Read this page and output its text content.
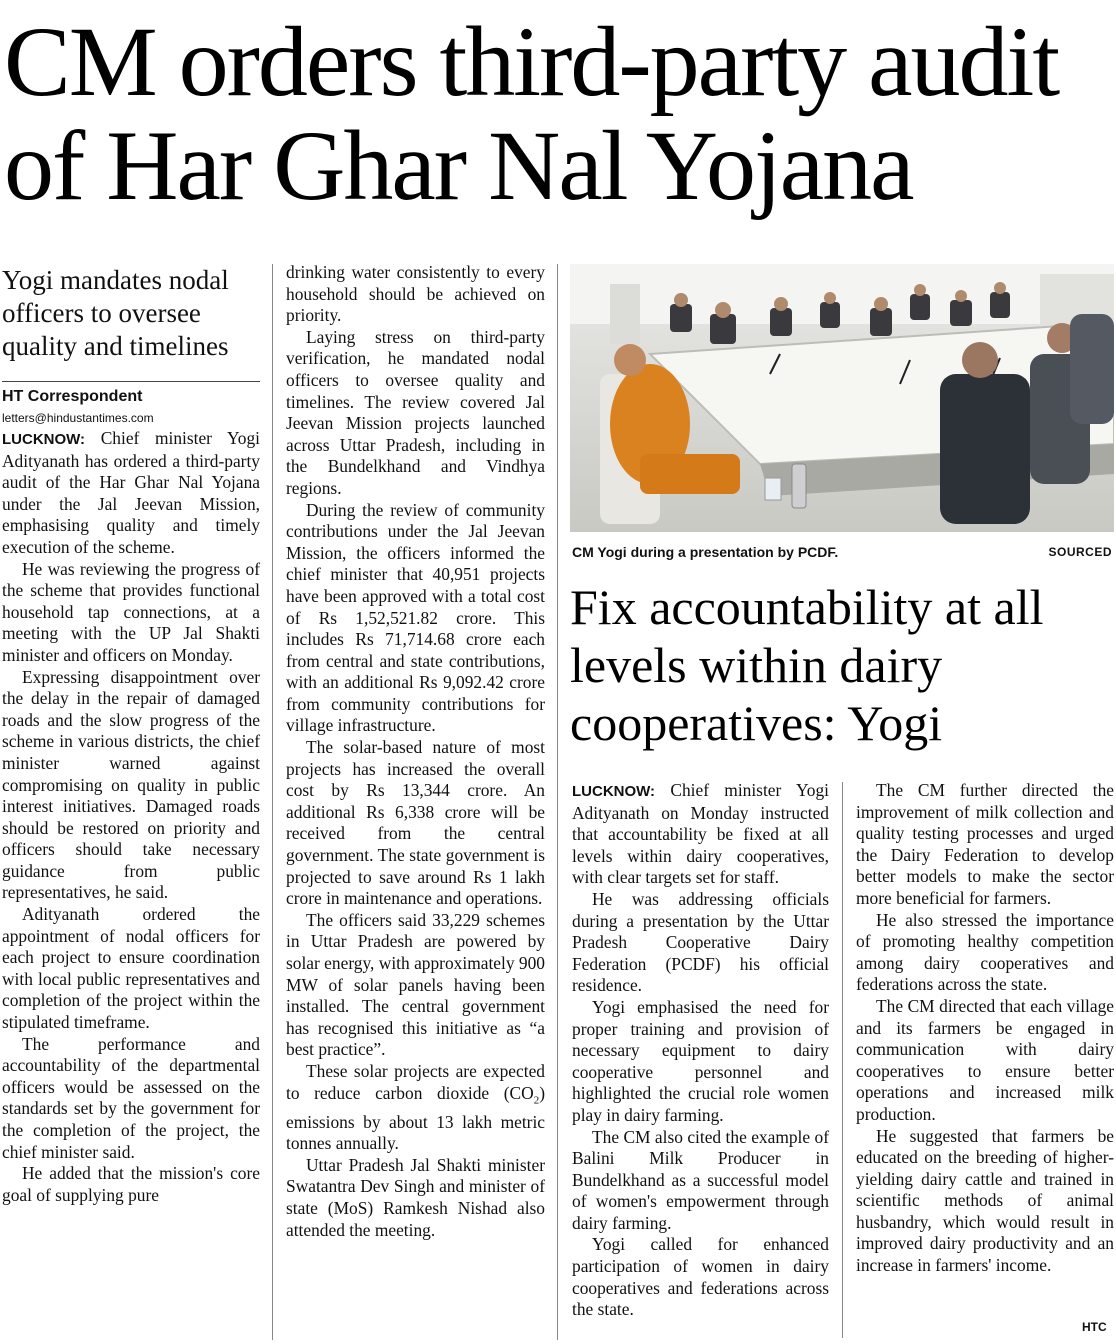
CM orders third-party audit of Har Ghar Nal Yojana
Yogi mandates nodal officers to oversee quality and timelines

HT Correspondent

letters@hindustantimes.com

LUCKNOW: Chief minister Yogi Adityanath has ordered a third-party audit of the Har Ghar Nal Yojana under the Jal Jeevan Mission, emphasising quality and timely execution of the scheme.

He was reviewing the progress of the scheme that provides functional household tap connections, at a meeting with the UP Jal Shakti minister and officers on Monday.

Expressing disappointment over the delay in the repair of damaged roads and the slow progress of the scheme in various districts, the chief minister warned against compromising on quality in public interest initiatives. Damaged roads should be restored on priority and officers should take necessary guidance from public representatives, he said.

Adityanath ordered the appointment of nodal officers for each project to ensure coordination with local public representatives and completion of the project within the stipulated timeframe.

The performance and accountability of the departmental officers would be assessed on the standards set by the government for the completion of the project, the chief minister said.

He added that the mission's core goal of supplying pure

drinking water consistently to every household should be achieved on priority.

Laying stress on third-party verification, he mandated nodal officers to oversee quality and timelines. The review covered Jal Jeevan Mission projects launched across Uttar Pradesh, including in the Bundelkhand and Vindhya regions.

During the review of community contributions under the Jal Jeevan Mission, the officers informed the chief minister that 40,951 projects have been approved with a total cost of Rs 1,52,521.82 crore. This includes Rs 71,714.68 crore each from central and state contributions, with an additional Rs 9,092.42 crore from community contributions for village infrastructure.

The solar-based nature of most projects has increased the overall cost by Rs 13,344 crore. An additional Rs 6,338 crore will be received from the central government. The state government is projected to save around Rs 1 lakh crore in maintenance and operations.

The officers said 33,229 schemes in Uttar Pradesh are powered by solar energy, with approximately 900 MW of solar panels having been installed. The central government has recognised this initiative as “a best practice”.

These solar projects are expected to reduce carbon dioxide $(CO_2)$ emissions by about 13 lakh metric tonnes annually.

Uttar Pradesh Jal Shakti minister Swatantra Dev Singh and minister of state (MoS) Ramkesh Nishad also attended the meeting.

CM Yogi during a presentation by PCDF.	SOURCED
Fix accountability at all levels within dairy cooperatives: Yogi

LUCKNOW: Chief minister Yogi Adityanath on Monday instructed that accountability be fixed at all levels within dairy cooperatives, with clear targets set for staff.

He was addressing officials during a presentation by the Uttar Pradesh Cooperative Dairy Federation (PCDF) his official residence.

Yogi emphasised the need for proper training and provision of necessary equipment to dairy cooperative personnel and highlighted the crucial role women play in dairy farming.

The CM also cited the example of Balini Milk Producer in Bundelkhand as a successful model of women's empowerment through dairy farming.

Yogi called for enhanced participation of women in dairy cooperatives and federations across the state.

The CM further directed the improvement of milk collection and quality testing processes and urged the Dairy Federation to develop better models to make the sector more beneficial for farmers.

He also stressed the importance of promoting healthy competition among dairy cooperatives and federations across the state.

The CM directed that each village and its farmers be engaged in communication with dairy cooperatives to ensure better operations and increased milk production.

He suggested that farmers be educated on the breeding of higher-yielding dairy cattle and trained in scientific methods of animal husbandry, which would result in improved dairy productivity and an increase in farmers' income.

HTC
